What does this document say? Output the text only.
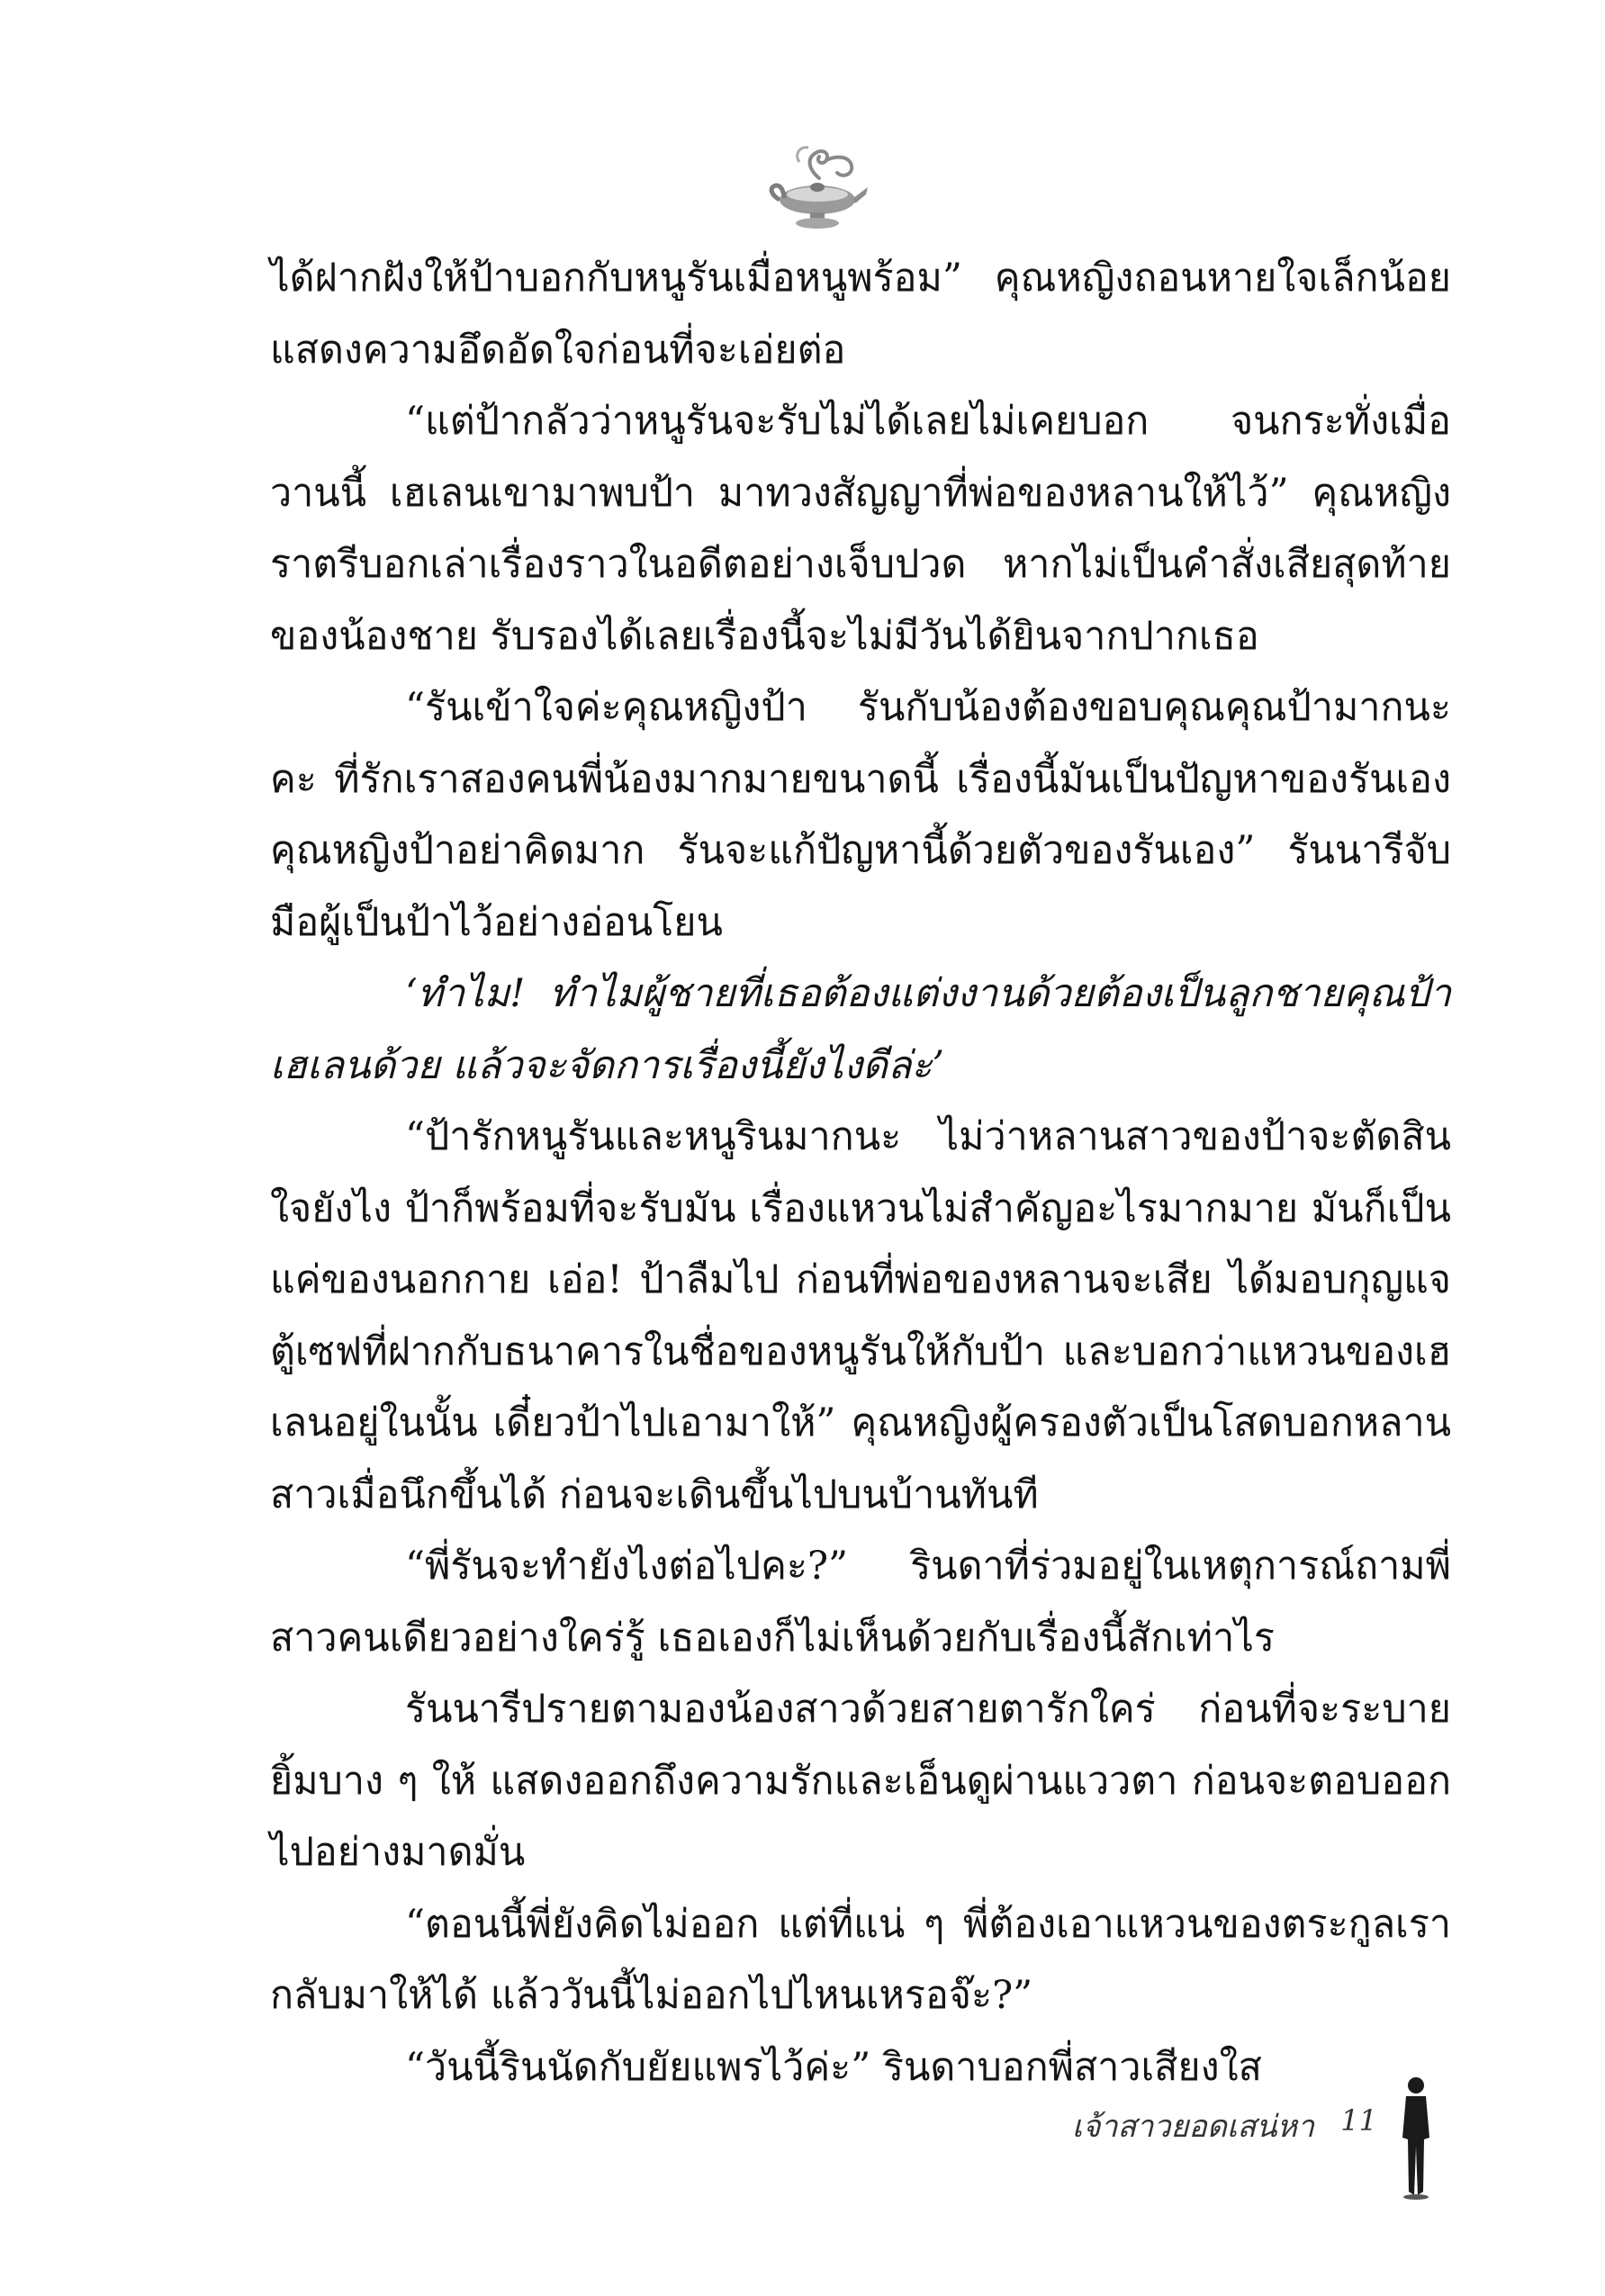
ได้ฝากฝังให้ป้าบอกกับหนูรันเมื่อหนูพร้อม” คุณหญิงถอนหายใจเล็กน้อย แสดงความอึดอัดใจก่อนที่จะเอ่ยต่อ

“แต่ป้ากลัวว่าหนูรันจะรับไม่ได้เลยไม่เคยบอก จนกระทั่งเมื่อวานนี้ เฮเลนเขามาพบป้า มาทวงสัญญาที่พ่อของหลานให้ไว้” คุณหญิงราตรีบอกเล่าเรื่องราวในอดีตอย่างเจ็บปวด หากไม่เป็นคำสั่งเสียสุดท้ายของน้องชาย รับรองได้เลยเรื่องนี้จะไม่มีวันได้ยินจากปากเธอ

“รันเข้าใจค่ะคุณหญิงป้า รันกับน้องต้องขอบคุณคุณป้ามากนะคะ ที่รักเราสองคนพี่น้องมากมายขนาดนี้ เรื่องนี้มันเป็นปัญหาของรันเอง คุณหญิงป้าอย่าคิดมาก รันจะแก้ปัญหานี้ด้วยตัวของรันเอง” รันนารีจับมือผู้เป็นป้าไว้อย่างอ่อนโยน

‘ทำไม! ทำไมผู้ชายที่เธอต้องแต่งงานด้วยต้องเป็นลูกชายคุณป้าเฮเลนด้วย แล้วจะจัดการเรื่องนี้ยังไงดีล่ะ’

“ป้ารักหนูรันและหนูรินมากนะ ไม่ว่าหลานสาวของป้าจะตัดสินใจยังไง ป้าก็พร้อมที่จะรับมัน เรื่องแหวนไม่สำคัญอะไรมากมาย มันก็เป็นแค่ของนอกกาย เอ่อ! ป้าลืมไป ก่อนที่พ่อของหลานจะเสีย ได้มอบกุญแจตู้เซฟที่ฝากกับธนาคารในชื่อของหนูรันให้กับป้า และบอกว่าแหวนของเฮเลนอยู่ในนั้น เดี๋ยวป้าไปเอามาให้” คุณหญิงผู้ครองตัวเป็นโสดบอกหลานสาวเมื่อนึกขึ้นได้ ก่อนจะเดินขึ้นไปบนบ้านทันที

“พี่รันจะทำยังไงต่อไปคะ?” รินดาที่ร่วมอยู่ในเหตุการณ์ถามพี่สาวคนเดียวอย่างใคร่รู้ เธอเองก็ไม่เห็นด้วยกับเรื่องนี้สักเท่าไร

รันนารีปรายตามองน้องสาวด้วยสายตารักใคร่ ก่อนที่จะระบายยิ้มบาง ๆ ให้ แสดงออกถึงความรักและเอ็นดูผ่านแววตา ก่อนจะตอบออกไปอย่างมาดมั่น

“ตอนนี้พี่ยังคิดไม่ออก แต่ที่แน่ ๆ พี่ต้องเอาแหวนของตระกูลเรากลับมาให้ได้ แล้ววันนี้ไม่ออกไปไหนเหรอจ๊ะ?”

“วันนี้รินนัดกับยัยแพรไว้ค่ะ” รินดาบอกพี่สาวเสียงใส

เจ้าสาวยอดเสน่หา 11
